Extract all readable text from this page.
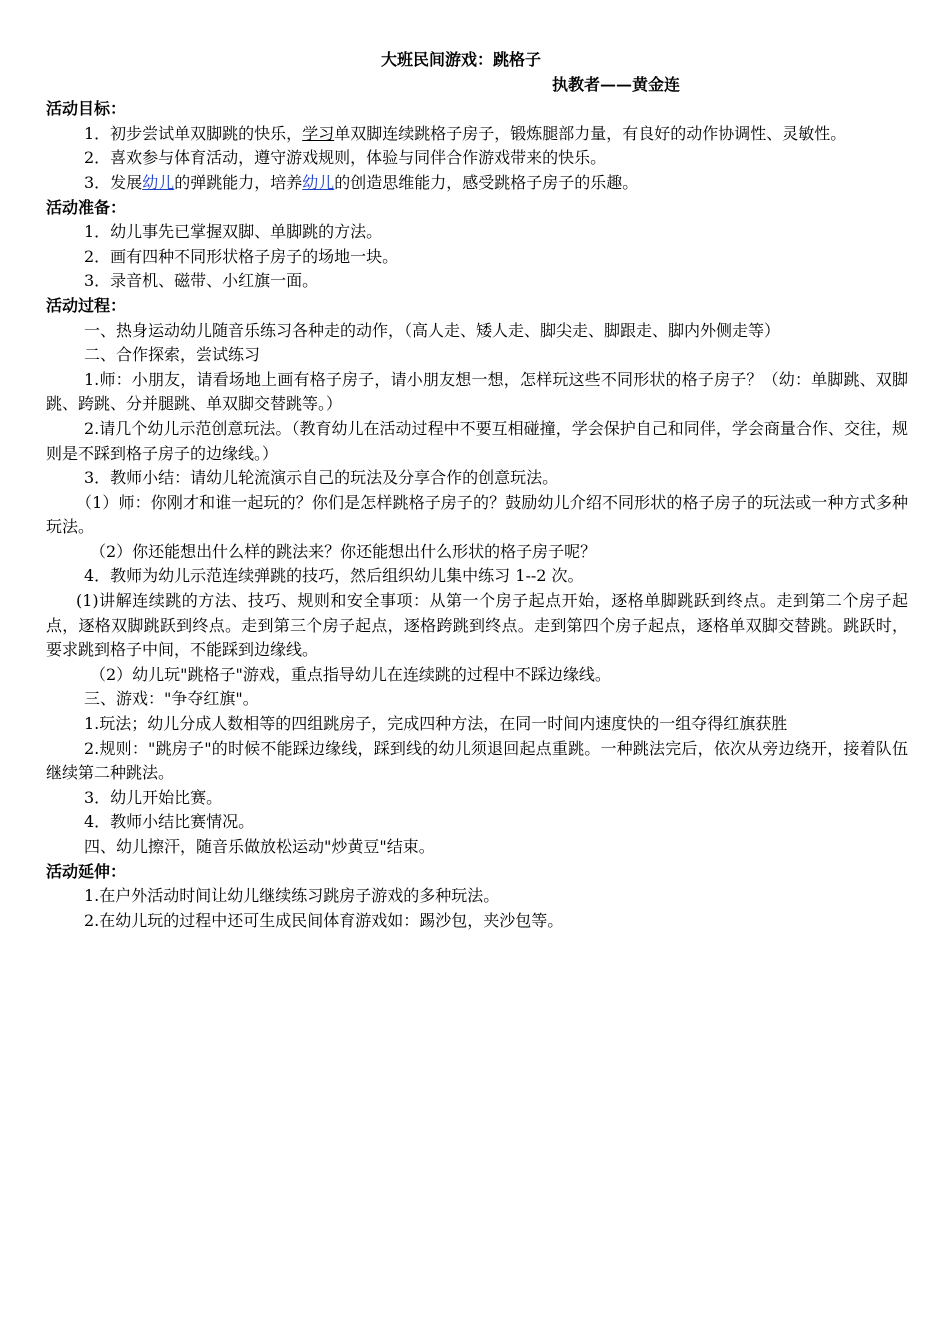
大班民间游戏：跳格子
执教者——黄金连
活动目标：

1．初步尝试单双脚跳的快乐，学习单双脚连续跳格子房子，锻炼腿部力量，有良好的动作协调性、灵敏性。

2．喜欢参与体育活动，遵守游戏规则，体验与同伴合作游戏带来的快乐。

3．发展幼儿的弹跳能力，培养幼儿的创造思维能力，感受跳格子房子的乐趣。

活动准备：

1．幼儿事先已掌握双脚、单脚跳的方法。

2．画有四种不同形状格子房子的场地一块。

3．录音机、磁带、小红旗一面。

活动过程：

一、热身运动幼儿随音乐练习各种走的动作，（高人走、矮人走、脚尖走、脚跟走、脚内外侧走等）

二、合作探索，尝试练习

1.师：小朋友，请看场地上画有格子房子，请小朋友想一想，怎样玩这些不同形状的格子房子？（幼：单脚跳、双脚跳、跨跳、分并腿跳、单双脚交替跳等。）

2.请几个幼儿示范创意玩法。（教育幼儿在活动过程中不要互相碰撞，学会保护自己和同伴，学会商量合作、交往，规则是不踩到格子房子的边缘线。）

3．教师小结：请幼儿轮流演示自己的玩法及分享合作的创意玩法。

（1）师：你刚才和谁一起玩的？你们是怎样跳格子房子的？鼓励幼儿介绍不同形状的格子房子的玩法或一种方式多种玩法。

（2）你还能想出什么样的跳法来？你还能想出什么形状的格子房子呢？

4．教师为幼儿示范连续弹跳的技巧，然后组织幼儿集中练习 1--2 次。

(1)讲解连续跳的方法、技巧、规则和安全事项：从第一个房子起点开始，逐格单脚跳跃到终点。走到第二个房子起点，逐格双脚跳跃到终点。走到第三个房子起点，逐格跨跳到终点。走到第四个房子起点，逐格单双脚交替跳。跳跃时，要求跳到格子中间，不能踩到边缘线。

（2）幼儿玩"跳格子"游戏，重点指导幼儿在连续跳的过程中不踩边缘线。

三、游戏："争夺红旗"。

1.玩法；幼儿分成人数相等的四组跳房子，完成四种方法，在同一时间内速度快的一组夺得红旗获胜

2.规则："跳房子"的时候不能踩边缘线，踩到线的幼儿须退回起点重跳。一种跳法完后，依次从旁边绕开，接着队伍继续第二种跳法。

3．幼儿开始比赛。

4．教师小结比赛情况。

四、幼儿擦汗，随音乐做放松运动"炒黄豆"结束。

活动延伸：

1.在户外活动时间让幼儿继续练习跳房子游戏的多种玩法。

2.在幼儿玩的过程中还可生成民间体育游戏如：踢沙包，夹沙包等。
